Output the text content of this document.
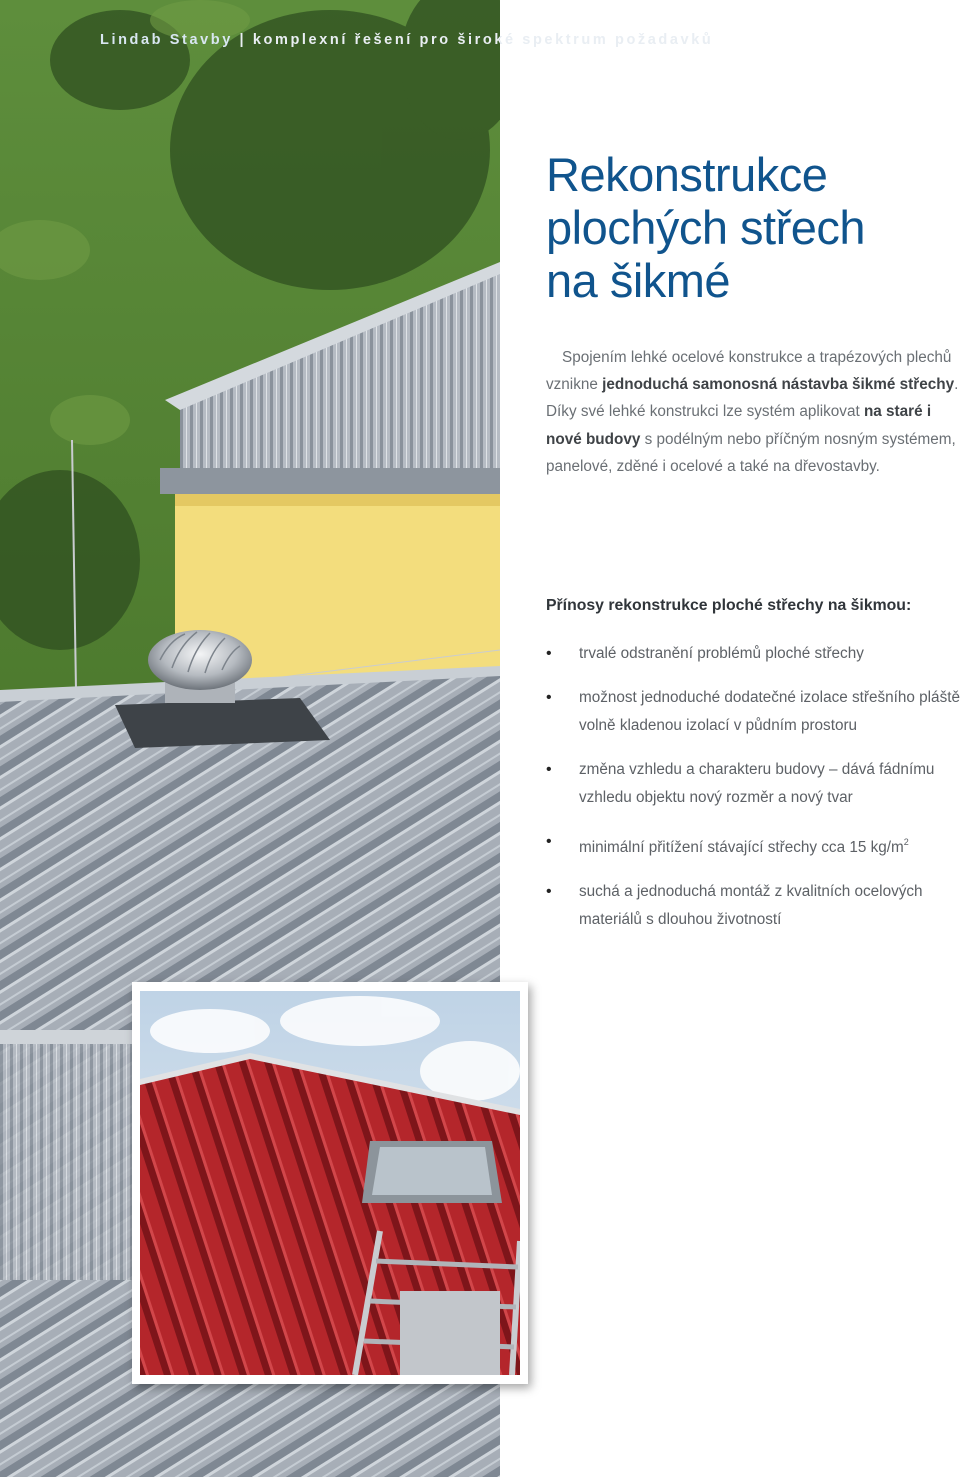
Lindab Stavby | komplexní řešení pro široké spektrum požadavků
Rekonstrukce
plochých střech
na šikmé

Spojením lehké ocelové konstrukce a trapézových plechů vznikne jednoduchá samonosná nástavba šikmé střechy. Díky své lehké konstrukci lze systém aplikovat na staré i nové budovy s podélným nebo příčným nosným systémem, panelové, zděné i ocelové a také na dřevostavby.

Přínosy rekonstrukce ploché střechy na šikmou:
• trvalé odstranění problémů ploché střechy
• možnost jednoduché dodatečné izolace střešního pláště volně kladenou izolací v půdním prostoru
• změna vzhledu a charakteru budovy – dává fádnímu vzhledu objektu nový rozměr a nový tvar
• minimální přitížení stávající střechy cca 15 $kg/m^2$
• suchá a jednoduchá montáž z kvalitních ocelových materiálů s dlouhou životností
